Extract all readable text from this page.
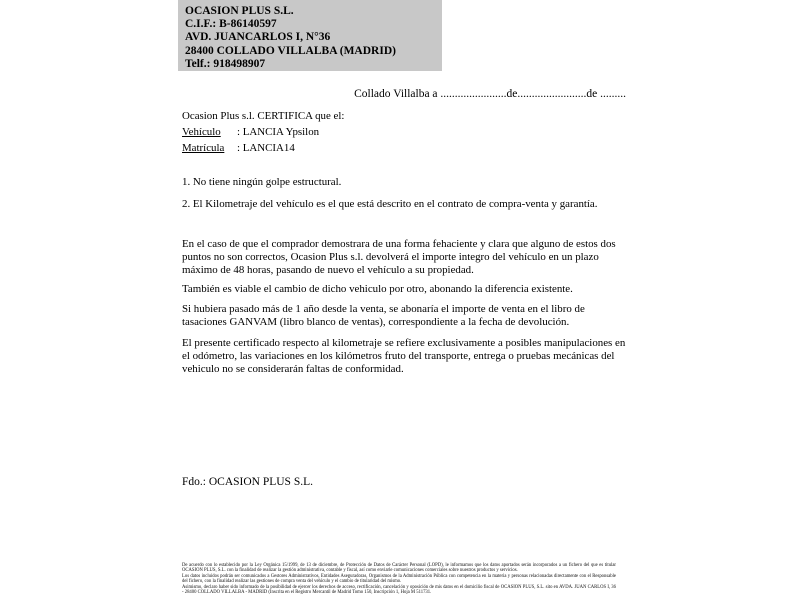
OCASION PLUS S.L.
C.I.F.: B-86140597
AVD. JUANCARLOS I, N°36
28400 COLLADO VILLALBA (MADRID)
Telf.: 918498907
Collado Villalba a .......................de........................de .........
Ocasion Plus s.l. CERTIFICA que el:
Vehículo : LANCIA Ypsilon
Matrícula : LANCIA14
1. No tiene ningún golpe estructural.
2. El Kilometraje del vehículo es el que está descrito en el contrato de compra-venta y garantía.
En el caso de que el comprador demostrara de una forma fehaciente y clara que alguno de estos dos puntos no son correctos, Ocasion Plus s.l. devolverá el importe integro del vehículo en un plazo máximo de 48 horas, pasando de nuevo el vehículo a su propiedad.
También es viable el cambio de dicho vehiculo por otro, abonando la diferencia existente.
Si hubiera pasado más de 1 año desde la venta, se abonaría el importe de venta en el libro de tasaciones GANVAM (libro blanco de ventas), correspondiente a la fecha de devolución.
El presente certificado respecto al kilometraje se refiere exclusivamente a posibles manipulaciones en el odómetro, las variaciones en los kilómetros fruto del transporte, entrega o pruebas mecánicas del vehiculo no se considerarán faltas de conformidad.
Fdo.: OCASION PLUS S.L.
De acuerdo con lo establecido por la Ley Orgánica 15/1999, de 13 de diciembre, de Protección de Datos de Carácter Personal (LOPD), le informamos que los datos aportados serán incorporados a un fichero del que es titular OCASION PLUS, S.L. con la finalidad de realizar la gestión administrativa, contable y fiscal, así como enviarle comunicaciones comerciales sobre nuestros productos y servicios.
Los datos incluidos podrán ser comunicados a Gestores Administrativos, Entidades Aseguradoras, Organismos de la Administración Pública con competencia en la materia y personas relacionadas directamente con el Responsable del fichero, con la finalidad realizar las gestiones de compra venta del vehículo y el cambio de titularidad del mismo.
Asimismo, declaro haber sido informado de la posibilidad de ejercer los derechos de acceso, rectificación, cancelación y oposición de mis datos en el domicilio fiscal de OCASION PLUS, S.L. sito en AVDA. JUAN CARLOS I, 36 - 28400 COLLADO VILLALBA - MADRID (Inscrita en el Registro Mercantil de Madrid Tomo 150, Inscripción 1, Hoja M 511731.
